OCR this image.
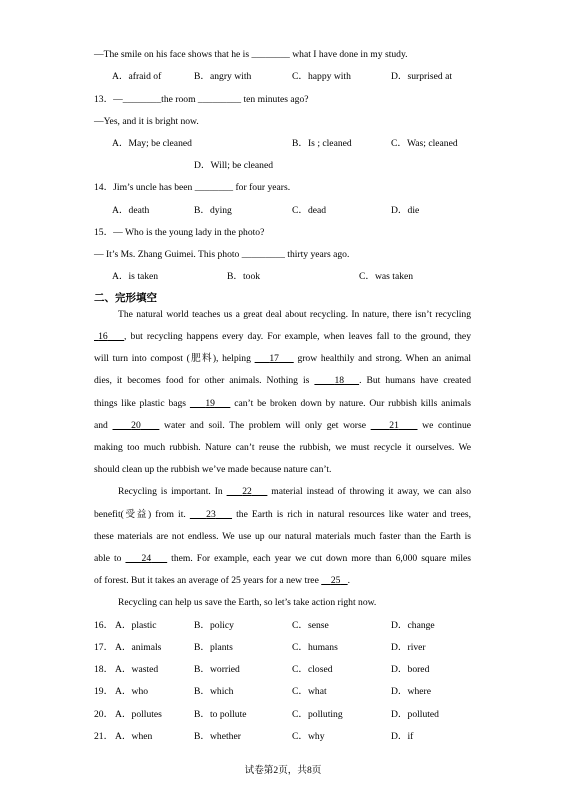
—The smile on his face shows that he is ________ what I have done in my study.
A．afraid of	B．angry with	C．happy with	D．surprised at
13．—________the room _________ ten minutes ago?
—Yes, and it is bright now.
A．May; be cleaned	B．Is ; cleaned	C．Was; cleaned
D．Will; be cleaned
14．Jim’s uncle has been ________ for four years.
A．death	B．dying	C．dead	D．die
15．— Who is the young lady in the photo?
— It’s Ms. Zhang Guimei. This photo _________ thirty years ago.
A．is taken	B．took	C．was taken
二、完形填空
The natural world teaches us a great deal about recycling. In nature, there isn’t recycling
16 , but recycling happens every day. For example, when leaves fall to the ground, they
will turn into compost (肥料), helping 17 grow healthily and strong. When an animal
dies, it becomes food for other animals. Nothing is	18 . But humans have created
things like plastic bags 19 can’t be broken down by nature. Our rubbish kills animals
and 20 water and soil. The problem will only get worse 21 we continue
making too much rubbish. Nature can’t reuse the rubbish, we must recycle it ourselves. We
should clean up the rubbish we’ve made because nature can’t.
Recycling is important. In 22 material instead of throwing it away, we can also
benefit(受益) from it. 23 the Earth is rich in natural resources like water and trees,
these materials are not endless. We use up our natural materials much faster than the Earth is
able to 24 them. For example, each year we cut down more than 6,000 square miles
of forest. But it takes an average of 25 years for a new tree 25 .
Recycling can help us save the Earth, so let’s take action right now.
16． A．plastic	B．policy	C．sense	D．change
17． A．animals	B．plants	C．humans	D．river
18． A．wasted	B．worried	C．closed	D．bored
19． A．who	B．which	C．what	D．where
20． A．pollutes	B．to pollute	C．polluting	D．polluted
21． A．when	B．whether	C．why	D．if
试卷第2页，共8页
